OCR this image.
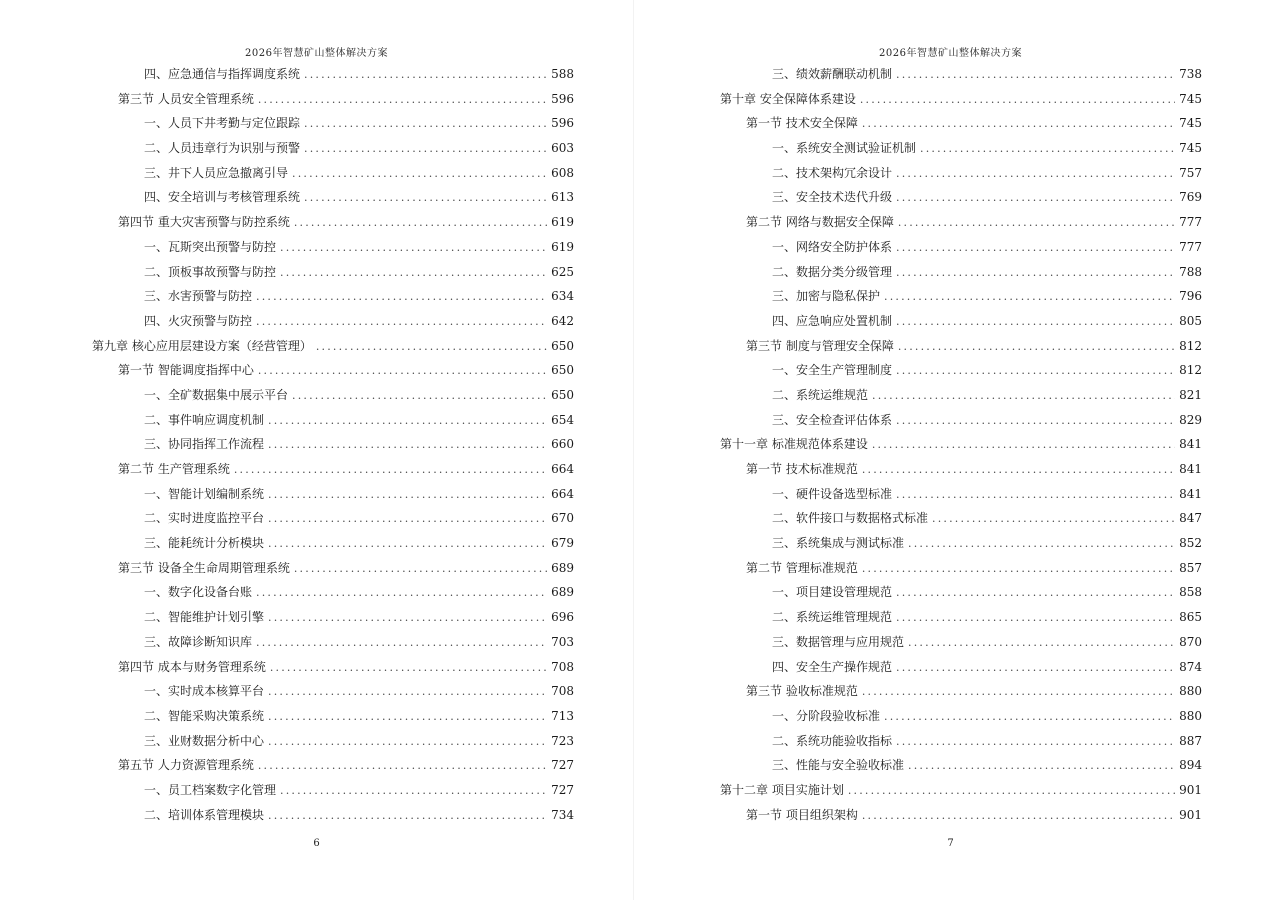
2026年智慧矿山整体解决方案
四、应急通信与指挥调度系统 .....	588
第三节 人员安全管理系统 .....	596
一、人员下井考勤与定位跟踪 .....	596
二、人员违章行为识别与预警 .....	603
三、井下人员应急撤离引导 .....	608
四、安全培训与考核管理系统 .....	613
第四节 重大灾害预警与防控系统 .....	619
一、瓦斯突出预警与防控 .....	619
二、顶板事故预警与防控 .....	625
三、水害预警与防控 .....	634
四、火灾预警与防控 .....	642
第九章 核心应用层建设方案（经营管理） .....	650
第一节 智能调度指挥中心 .....	650
一、全矿数据集中展示平台 .....	650
二、事件响应调度机制 .....	654
三、协同指挥工作流程 .....	660
第二节 生产管理系统 .....	664
一、智能计划编制系统 .....	664
二、实时进度监控平台 .....	670
三、能耗统计分析模块 .....	679
第三节 设备全生命周期管理系统 .....	689
一、数字化设备台账 .....	689
二、智能维护计划引擎 .....	696
三、故障诊断知识库 .....	703
第四节 成本与财务管理系统 .....	708
一、实时成本核算平台 .....	708
二、智能采购决策系统 .....	713
三、业财数据分析中心 .....	723
第五节 人力资源管理系统 .....	727
一、员工档案数字化管理 .....	727
二、培训体系管理模块 .....	734
6
2026年智慧矿山整体解决方案
三、绩效薪酬联动机制 .....	738
第十章 安全保障体系建设 .....	745
第一节 技术安全保障 .....	745
一、系统安全测试验证机制 .....	745
二、技术架构冗余设计 .....	757
三、安全技术迭代升级 .....	769
第二节 网络与数据安全保障 .....	777
一、网络安全防护体系 .....	777
二、数据分类分级管理 .....	788
三、加密与隐私保护 .....	796
四、应急响应处置机制 .....	805
第三节 制度与管理安全保障 .....	812
一、安全生产管理制度 .....	812
二、系统运维规范 .....	821
三、安全检查评估体系 .....	829
第十一章 标准规范体系建设 .....	841
第一节 技术标准规范 .....	841
一、硬件设备选型标准 .....	841
二、软件接口与数据格式标准 .....	847
三、系统集成与测试标准 .....	852
第二节 管理标准规范 .....	857
一、项目建设管理规范 .....	858
二、系统运维管理规范 .....	865
三、数据管理与应用规范 .....	870
四、安全生产操作规范 .....	874
第三节 验收标准规范 .....	880
一、分阶段验收标准 .....	880
二、系统功能验收指标 .....	887
三、性能与安全验收标准 .....	894
第十二章 项目实施计划 .....	901
第一节 项目组织架构 .....	901
7
